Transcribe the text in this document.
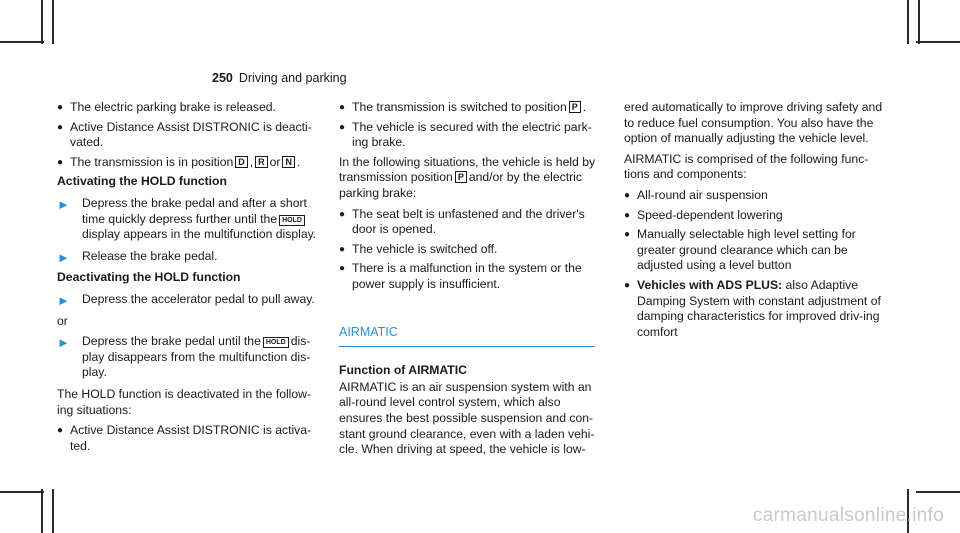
250 Driving and parking
● The electric parking brake is released.
● Active Distance Assist DISTRONIC is deacti-vated.
● The transmission is in position D , R or N .
Activating the HOLD function
► Depress the brake pedal and after a short time quickly depress further until the HOLDdisplay appears in the multifunction display.
► Release the brake pedal.
Deactivating the HOLD function
► Depress the accelerator pedal to pull away.
or
► Depress the brake pedal until the HOLD dis-play disappears from the multifunction dis-play.
The HOLD function is deactivated in the follow-ing situations:
● Active Distance Assist DISTRONIC is activa-ted.
● The transmission is switched to position P .
● The vehicle is secured with the electric park-ing brake.
In the following situations, the vehicle is held by transmission position P and/or by the electric parking brake:
● The seat belt is unfastened and the driver's door is opened.
● The vehicle is switched off.
● There is a malfunction in the system or the power supply is insufficient.
AIRMATIC
Function of AIRMATIC
AIRMATIC is an air suspension system with an all-round level control system, which also ensures the best possible suspension and con-stant ground clearance, even with a laden vehi-cle. When driving at speed, the vehicle is low-
ered automatically to improve driving safety and to reduce fuel consumption. You also have the option of manually adjusting the vehicle level.
AIRMATIC is comprised of the following func-tions and components:
● All-round air suspension
● Speed-dependent lowering
● Manually selectable high level setting for greater ground clearance which can be adjusted using a level button
● Vehicles with ADS PLUS: also Adaptive Damping System with constant adjustment of damping characteristics for improved driv-ing comfort
carmanualsonline.info
